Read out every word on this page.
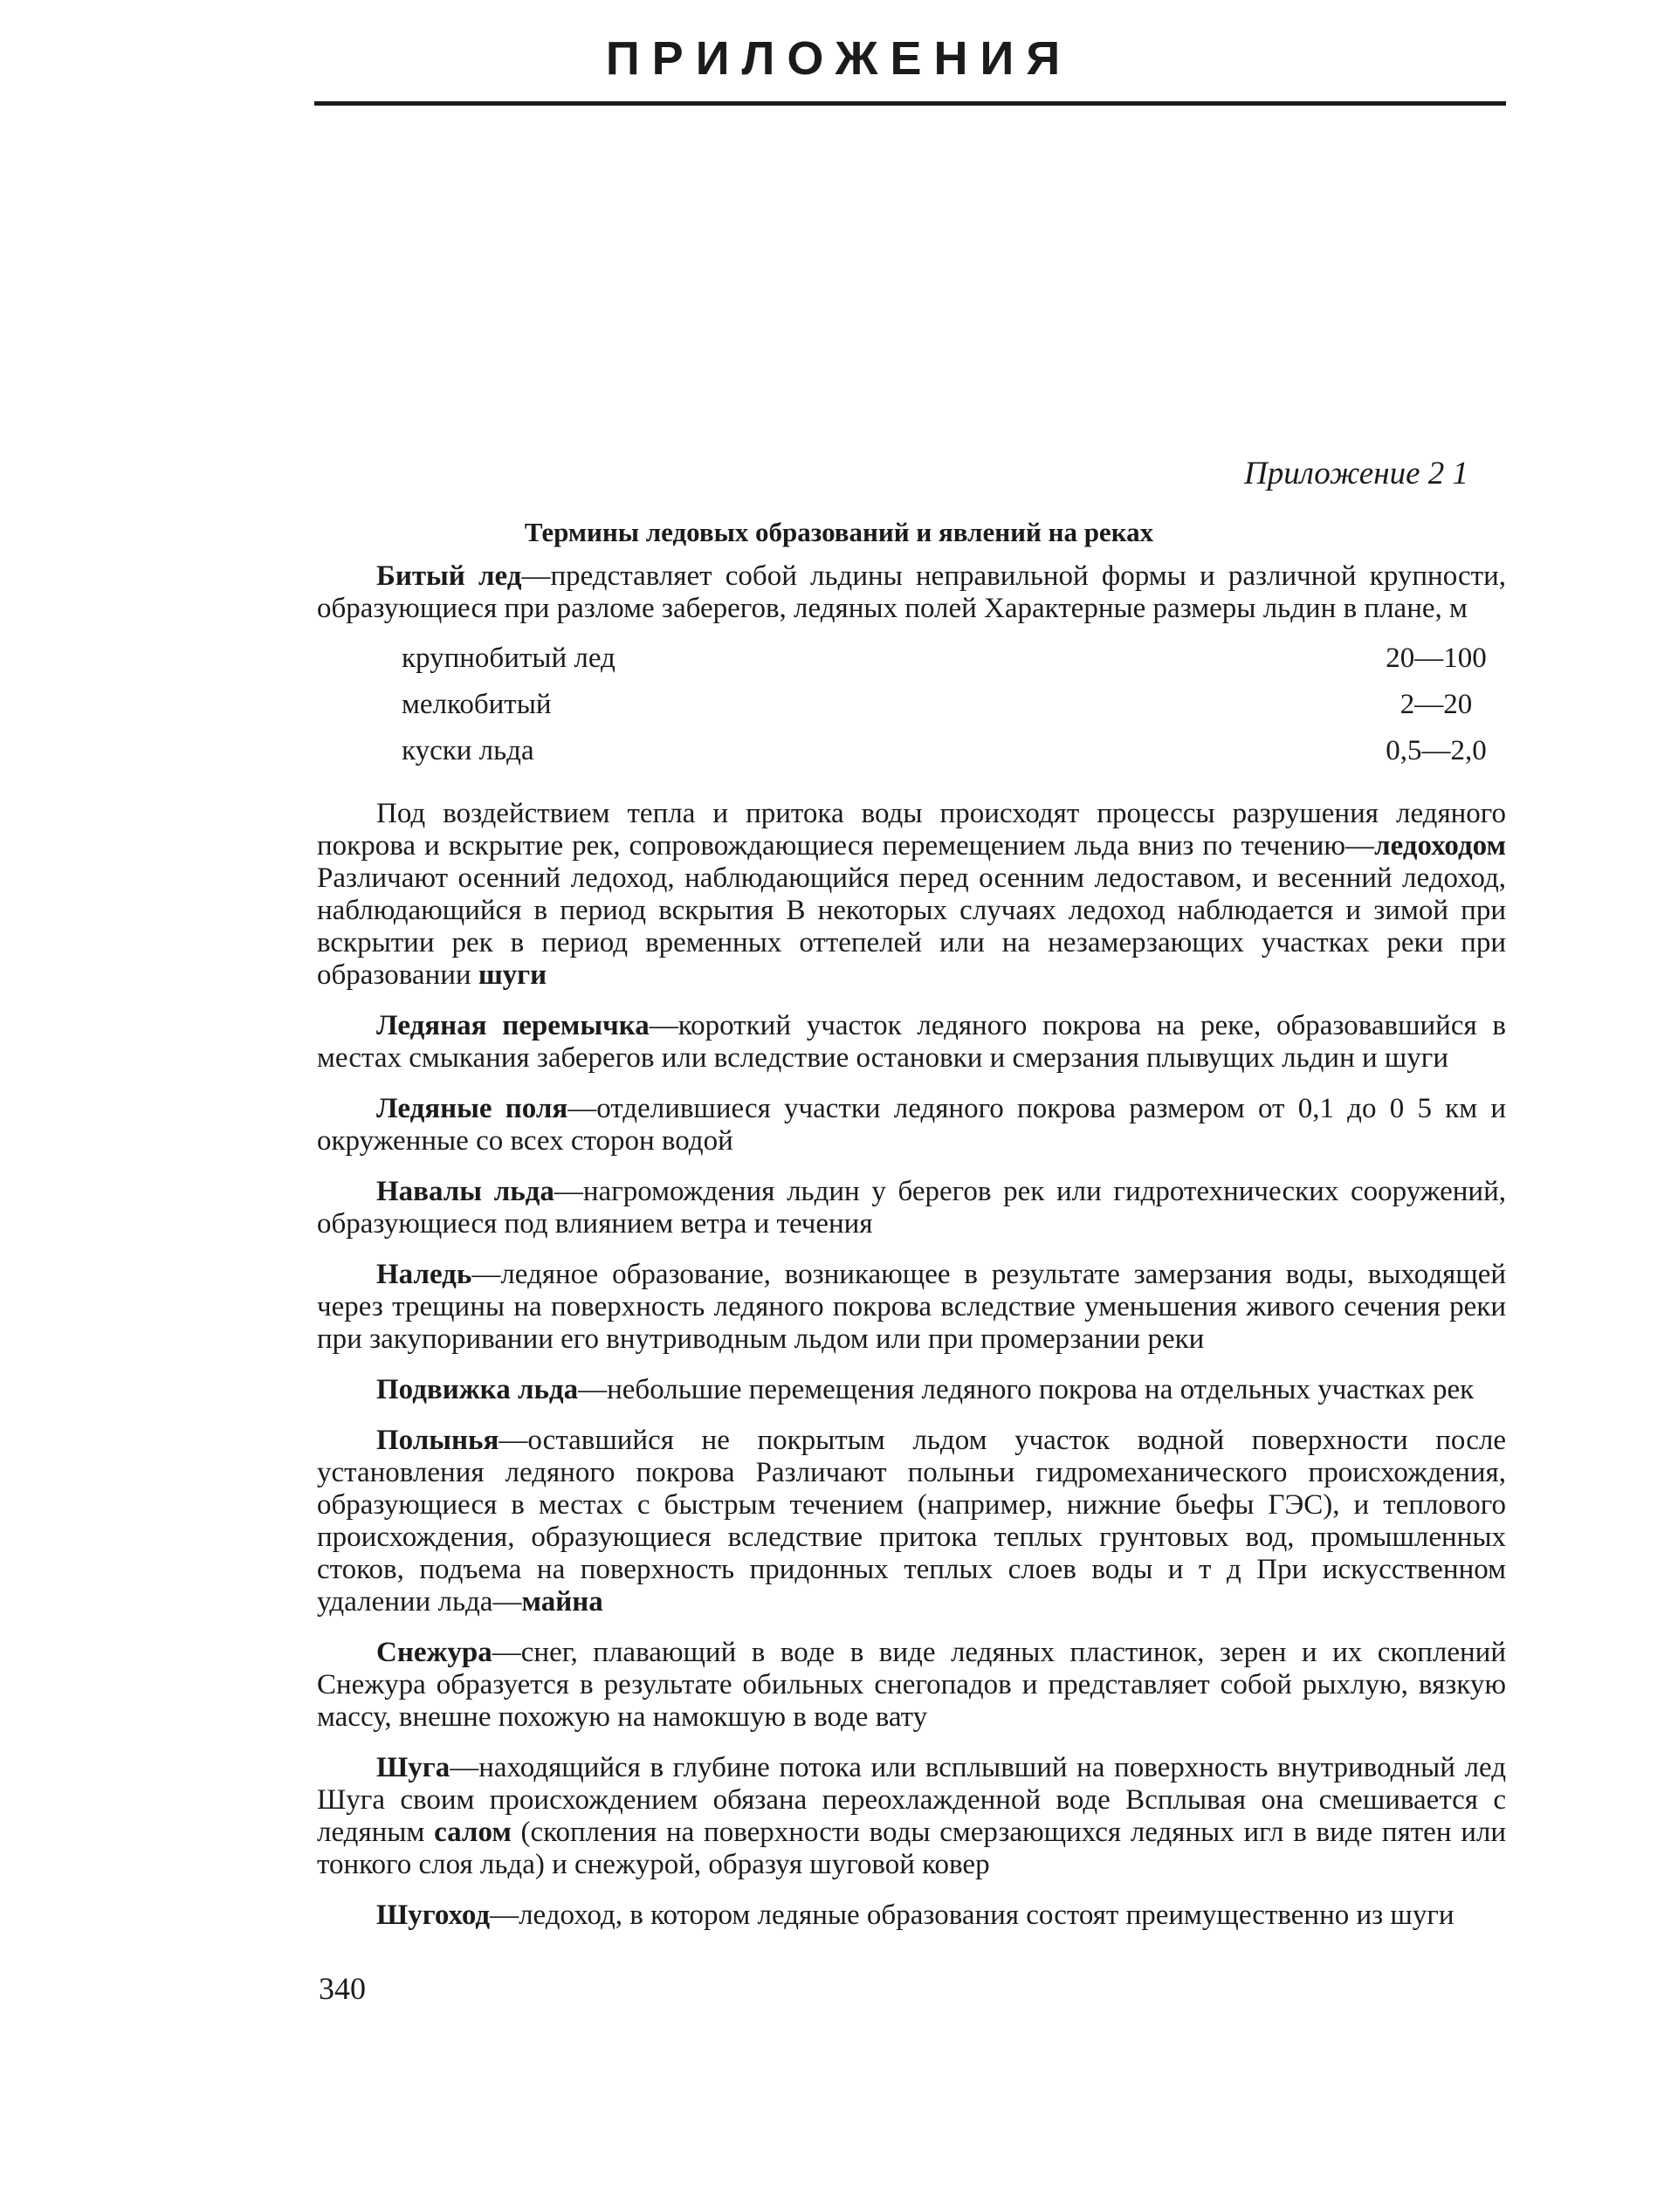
ПРИЛОЖЕНИЯ
Приложение 2 1
Термины ледовых образований и явлений на реках

Битый лед—представляет собой льдины неправильной формы и различной крупности, образующиеся при разломе заберегов, ледяных полей Характерные размеры льдин в плане, м

крупнобитый лед	20—100
мелкобитый	2—20
куски льда	0,5—2,0

Под воздействием тепла и притока воды происходят процессы разрушения ледяного покрова и вскрытие рек, сопровождающиеся перемещением льда вниз по течению—ледоходом Различают осенний ледоход, наблюдающийся перед осенним ледоставом, и весенний ледоход, наблюдающийся в период вскрытия В некоторых случаях ледоход наблюдается и зимой при вскрытии рек в период временных оттепелей или на незамерзающих участках реки при образовании шуги

Ледяная перемычка—короткий участок ледяного покрова на реке, образовавшийся в местах смыкания заберегов или вследствие остановки и смерзания плывущих льдин и шуги

Ледяные поля—отделившиеся участки ледяного покрова размером от 0,1 до 0 5 км и окруженные со всех сторон водой

Навалы льда—нагромождения льдин у берегов рек или гидротехнических сооружений, образующиеся под влиянием ветра и течения

Наледь—ледяное образование, возникающее в результате замерзания воды, выходящей через трещины на поверхность ледяного покрова вследствие уменьшения живого сечения реки при закупоривании его внутриводным льдом или при промерзании реки

Подвижка льда—небольшие перемещения ледяного покрова на отдельных участках рек

Полынья—оставшийся не покрытым льдом участок водной поверхности после установления ледяного покрова Различают полыньи гидромеханического происхождения, образующиеся в местах с быстрым течением (например, нижние бьефы ГЭС), и теплового происхождения, образующиеся вследствие притока теплых грунтовых вод, промышленных стоков, подъема на поверхность придонных теплых слоев воды и т д При искусственном удалении льда—майна

Снежура—снег, плавающий в воде в виде ледяных пластинок, зерен и их скоплений Снежура образуется в результате обильных снегопадов и представляет собой рыхлую, вязкую массу, внешне похожую на намокшую в воде вату

Шуга—находящийся в глубине потока или всплывший на поверхность внутриводный лед Шуга своим происхождением обязана переохлажденной воде Всплывая она смешивается с ледяным салом (скопления на поверхности воды смерзающихся ледяных игл в виде пятен или тонкого слоя льда) и снежурой, образуя шуговой ковер

Шугоход—ледоход, в котором ледяные образования состоят преимущественно из шуги

340
